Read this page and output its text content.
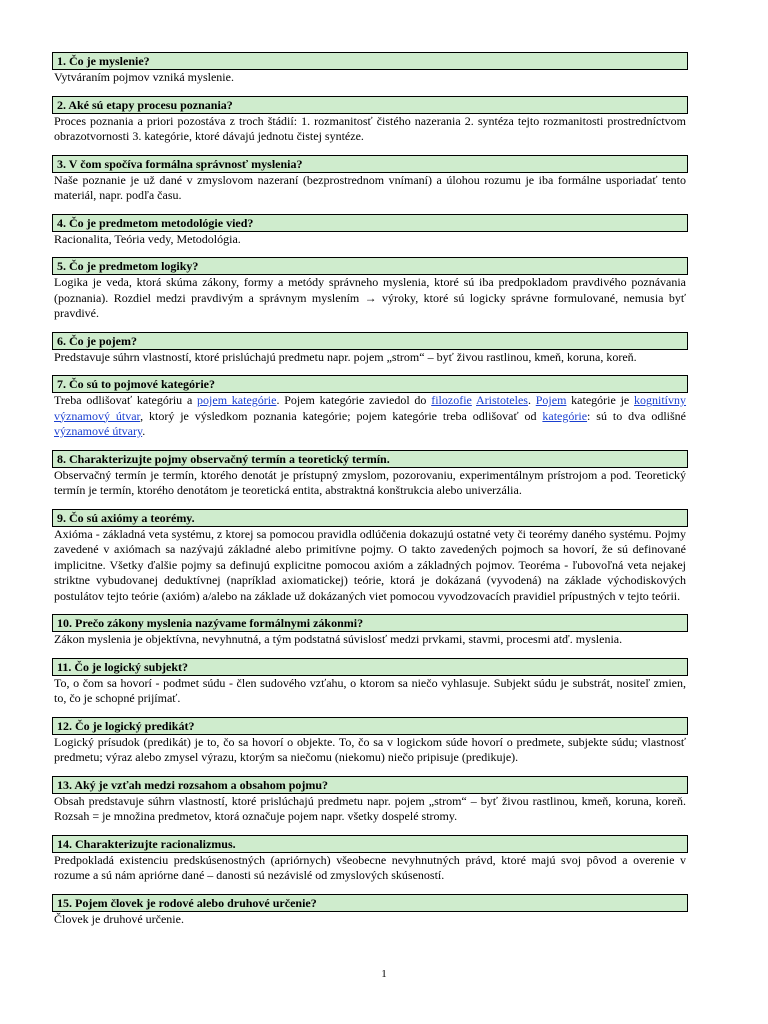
1. Čo je myslenie?
Vytváraním pojmov vzniká myslenie.
2. Aké sú etapy procesu poznania?
Proces poznania a priori pozostáva z troch štádií: 1. rozmanitosť čistého nazerania 2. syntéza tejto rozmanitosti prostredníctvom obrazotvornosti 3. kategórie, ktoré dávajú jednotu čistej syntéze.
3. V čom spočíva formálna správnosť myslenia?
Naše poznanie je už dané v zmyslovom nazeraní (bezprostrednom vnímaní) a úlohou rozumu je iba formálne usporiadať tento materiál, napr. podľa času.
4. Čo je predmetom metodológie vied?
Racionalita, Teória vedy, Metodológia.
5. Čo je predmetom logiky?
Logika je veda, ktorá skúma zákony, formy a metódy správneho myslenia, ktoré sú iba predpokladom pravdivého poznávania (poznania). Rozdiel medzi pravdivým a správnym myslením → výroky, ktoré sú logicky správne formulované, nemusia byť pravdivé.
6. Čo je pojem?
Predstavuje súhrn vlastností, ktoré prislúchajú predmetu napr. pojem „strom“ – byť živou rastlinou, kmeň, koruna, koreň.
7. Čo sú to pojmové kategórie?
Treba odlišovať kategóriu a pojem kategórie. Pojem kategórie zaviedol do filozofie Aristoteles. Pojem kategórie je kognitívny významový útvar, ktorý je výsledkom poznania kategórie; pojem kategórie treba odlišovať od kategórie: sú to dva odlišné významové útvary.
8. Charakterizujte pojmy observačný termín a teoretický termín.
Observačný termín je termín, ktorého denotát je prístupný zmyslom, pozorovaniu, experimentálnym prístrojom a pod. Teoretický termín je termín, ktorého denotátom je teoretická entita, abstraktná konštrukcia alebo univerzália.
9. Čo sú axiómy a teorémy.
Axióma - základná veta systému, z ktorej sa pomocou pravidla odlúčenia dokazujú ostatné vety či teorémy daného systému. Pojmy zavedené v axiómach sa nazývajú základné alebo primitívne pojmy. O takto zavedených pojmoch sa hovorí, že sú definované implicitne. Všetky ďalšie pojmy sa definujú explicitne pomocou axióm a základných pojmov. Teoréma - ľubovoľná veta nejakej striktne vybudovanej deduktívnej (napríklad axiomatickej) teórie, ktorá je dokázaná (vyvodená) na základe východiskových postulátov tejto teórie (axióm) a/alebo na základe už dokázaných viet pomocou vyvodzovacích pravidiel prípustných v tejto teórii.
10. Prečo zákony myslenia nazývame formálnymi zákonmi?
Zákon myslenia je objektívna, nevyhnutná, a tým podstatná súvislosť medzi prvkami, stavmi, procesmi atď. myslenia.
11. Čo je logický subjekt?
To, o čom sa hovorí - podmet súdu - člen sudového vzťahu, o ktorom sa niečo vyhlasuje. Subjekt súdu je substrát, nositeľ zmien, to, čo je schopné prijímať.
12. Čo je logický predikát?
Logický prísudok (predikát) je to, čo sa hovorí o objekte. To, čo sa v logickom súde hovorí o predmete, subjekte súdu; vlastnosť predmetu; výraz alebo zmysel výrazu, ktorým sa niečomu (niekomu) niečo pripisuje (predikuje).
13. Aký je vzťah medzi rozsahom a obsahom pojmu?
Obsah predstavuje súhrn vlastností, ktoré prislúchajú predmetu napr. pojem „strom“ – byť živou rastlinou, kmeň, koruna, koreň. Rozsah = je množina predmetov, ktorá označuje pojem napr. všetky dospelé stromy.
14. Charakterizujte racionalizmus.
Predpokladá existenciu predskúsenostných (apriórnych) všeobecne nevyhnutných právd, ktoré majú svoj pôvod a overenie v rozume a sú nám apriórne dané – danosti sú nezávislé od zmyslových skúseností.
15. Pojem človek je rodové alebo druhové určenie?
Človek je druhové určenie.
1
